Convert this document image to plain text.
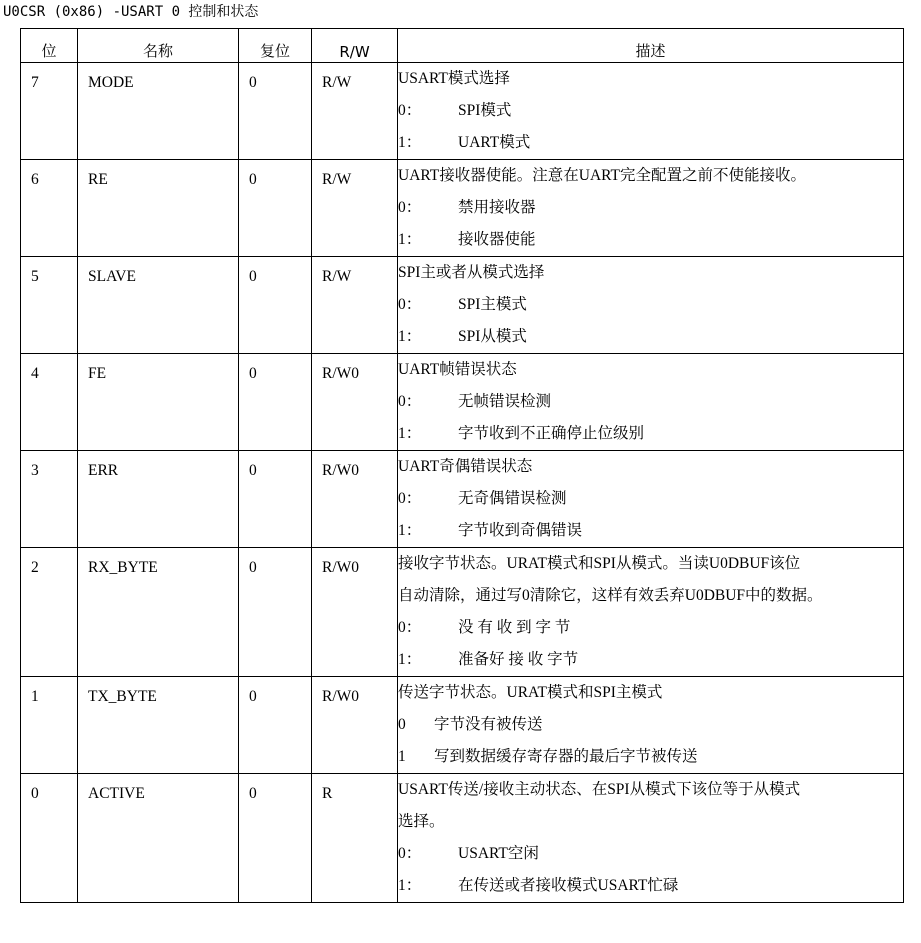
U0CSR (0x86) -USART 0 控制和状态
位	名称	复位	R/W	描述
7	MODE	0	R/W	USART模式选择
0： SPI模式
1： UART模式

6	RE	0	R/W	UART接收器使能。注意在UART完全配置之前不使能接收。
0： 禁用接收器
1： 接收器使能

5	SLAVE	0	R/W	SPI主或者从模式选择
0： SPI主模式
1： SPI从模式

4	FE	0	R/W0	UART帧错误状态
0： 无帧错误检测
1： 字节收到不正确停止位级别

3	ERR	0	R/W0	UART奇偶错误状态
0： 无奇偶错误检测
1： 字节收到奇偶错误

2	RX_BYTE	0	R/W0	接收字节状态。URAT模式和SPI从模式。当读U0DBUF该位
自动清除，通过写0清除它，这样有效丢弃U0DBUF中的数据。
0： 没 有 收 到 字 节
1： 准备好 接 收 字节

1	TX_BYTE	0	R/W0	传送字节状态。URAT模式和SPI主模式
0 字节没有被传送
1 写到数据缓存寄存器的最后字节被传送

0	ACTIVE	0	R	USART传送/接收主动状态、在SPI从模式下该位等于从模式
选择。
0： USART空闲
1： 在传送或者接收模式USART忙碌
